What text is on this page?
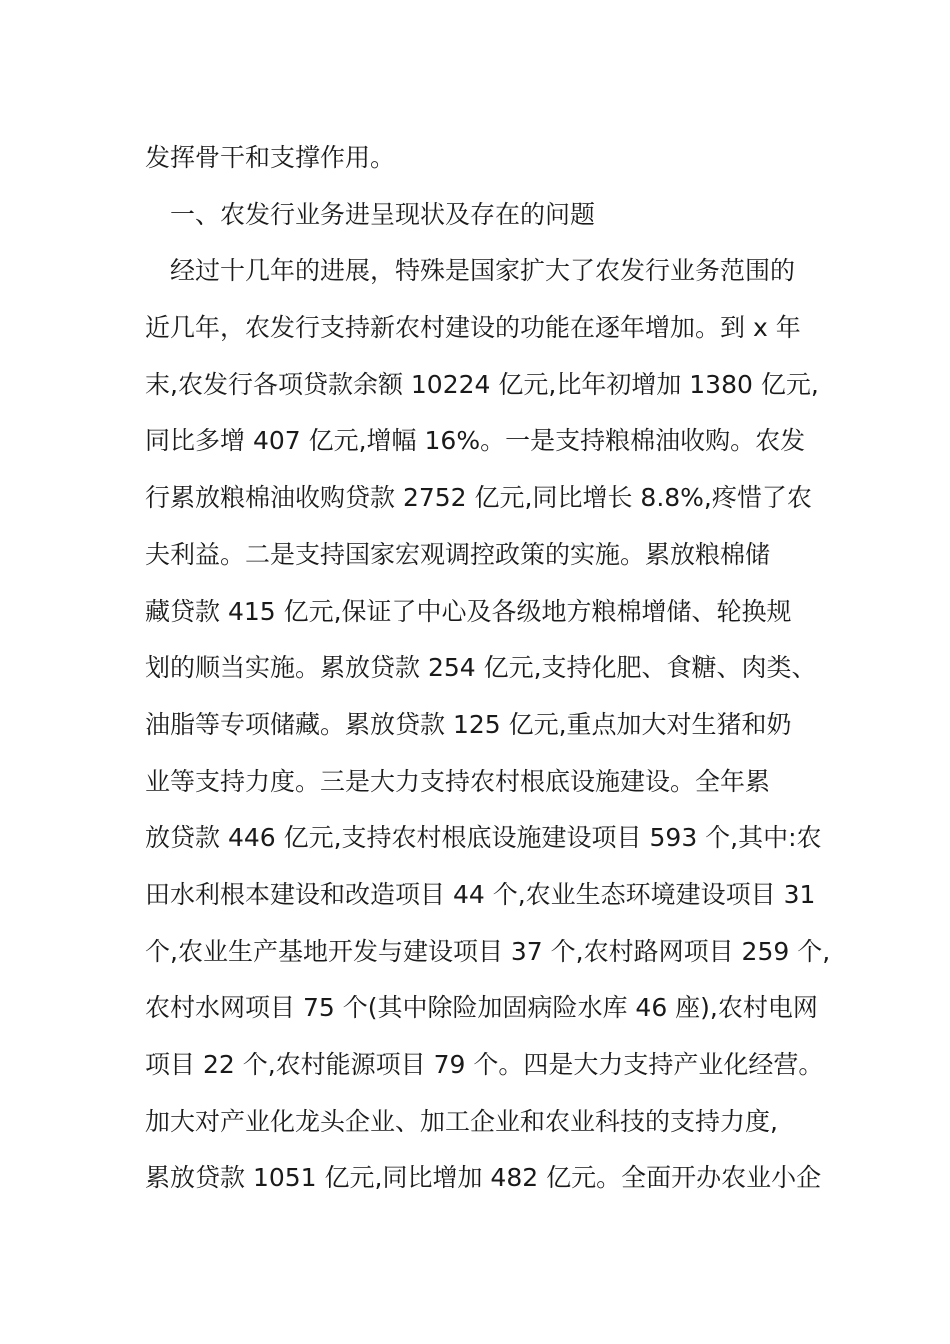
发挥骨干和支撑作用。
一、农发行业务进呈现状及存在的问题
经过十几年的进展，特殊是国家扩大了农发行业务范围的
近几年，农发行支持新农村建设的功能在逐年增加。到 x 年
末,农发行各项贷款余额 10224 亿元,比年初增加 1380 亿元,
同比多增 407 亿元,增幅 16%。一是支持粮棉油收购。农发
行累放粮棉油收购贷款 2752 亿元,同比增长 8.8%,疼惜了农
夫利益。二是支持国家宏观调控政策的实施。累放粮棉储
藏贷款 415 亿元,保证了中心及各级地方粮棉增储、轮换规
划的顺当实施。累放贷款 254 亿元,支持化肥、食糖、肉类、
油脂等专项储藏。累放贷款 125 亿元,重点加大对生猪和奶
业等支持力度。三是大力支持农村根底设施建设。全年累
放贷款 446 亿元,支持农村根底设施建设项目 593 个,其中:农
田水利根本建设和改造项目 44 个,农业生态环境建设项目 31
个,农业生产基地开发与建设项目 37 个,农村路网项目 259 个,
农村水网项目 75 个(其中除险加固病险水库 46 座),农村电网
项目 22 个,农村能源项目 79 个。四是大力支持产业化经营。
加大对产业化龙头企业、加工企业和农业科技的支持力度,
累放贷款 1051 亿元,同比增加 482 亿元。全面开办农业小企
